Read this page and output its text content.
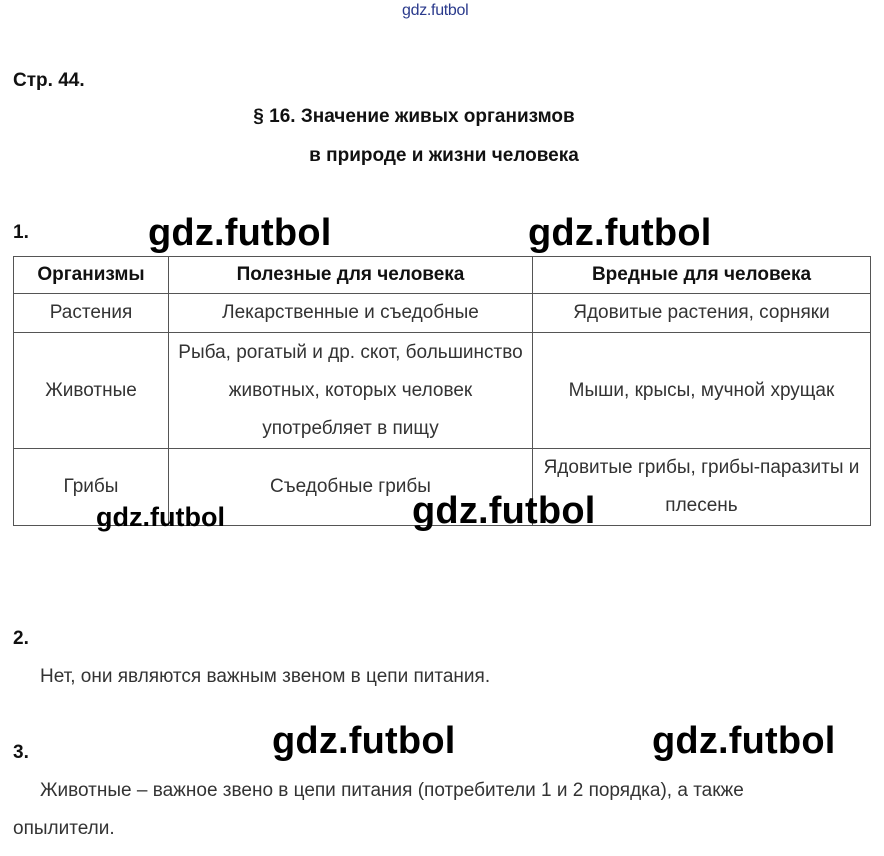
gdz.futbol
Стр. 44.
§ 16. Значение живых организмов
в природе и жизни человека
1.
Организмы	Полезные для человека	Вредные для человека
Растения	Лекарственные и съедобные	Ядовитые растения, сорняки
Животные	Рыба, рогатый и др. скот, большинство животных, которых человек употребляет в пищу	Мыши, крысы, мучной хрущак
Грибы	Съедобные грибы	Ядовитые грибы, грибы-паразиты и плесень
gdz.futbol	gdz.futbol
gdz.futbol	gdz.futbol
2.
Нет, они являются важным звеном в цепи питания.
3.	gdz.futbol	gdz.futbol
Животные – важное звено в цепи питания (потребители 1 и 2 порядка), а также
опылители.
